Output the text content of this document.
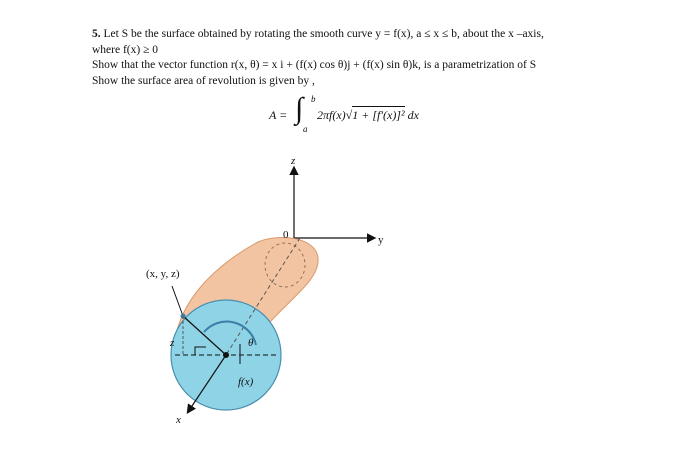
5. Let S be the surface obtained by rotating the smooth curve y = f(x), a ≤ x ≤ b, about the x –axis,
where f(x) ≥ 0
Show that the vector function r(x, θ) = x i + (f(x) cos θ)j + (f(x) sin θ)k, is a parametrization of S
Show the surface area of revolution is given by ,
A = ∫ b
a
2πf(x)√1 + [f′(x)]² dx
z
y
0
(x, y, z)
θ
f(x)
z
x
